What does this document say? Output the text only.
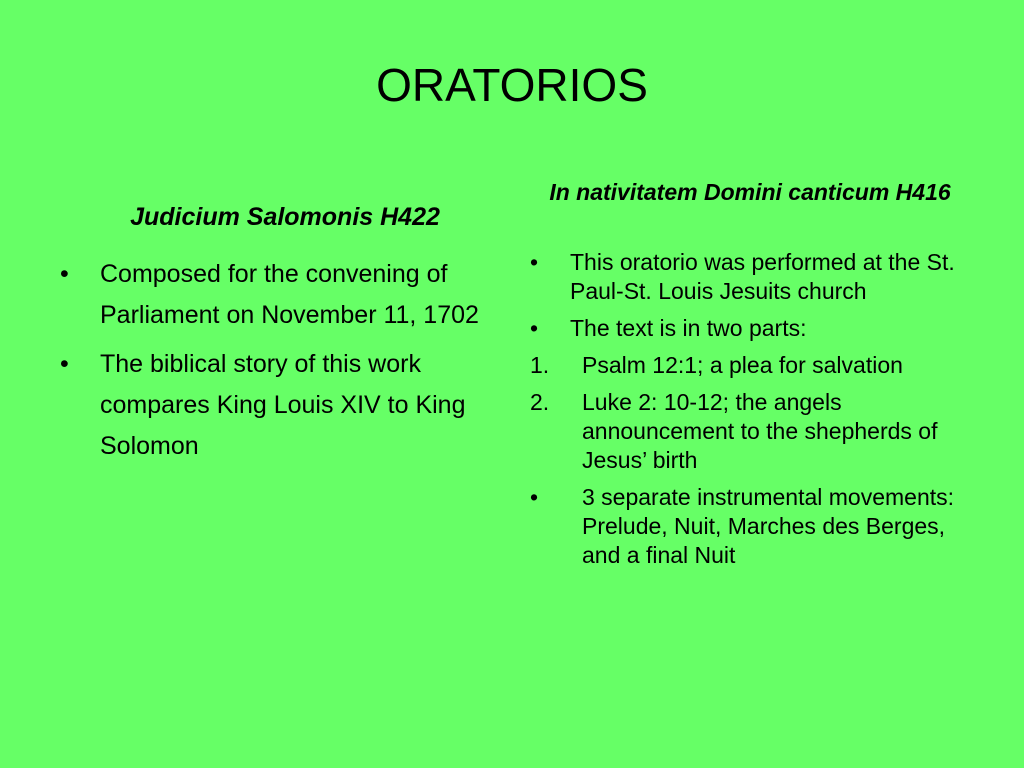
ORATORIOS
Judicium Salomonis H422
• Composed for the convening of Parliament on November 11, 1702
• The biblical story of this work compares King Louis XIV to King Solomon
In nativitatem Domini canticum H416
• This oratorio was performed at the St. Paul-St. Louis Jesuits church
• The text is in two parts:
1. Psalm 12:1; a plea for salvation
2. Luke 2: 10-12; the angels announcement to the shepherds of Jesus’ birth
• 3 separate instrumental movements: Prelude, Nuit, Marches des Berges, and a final Nuit
